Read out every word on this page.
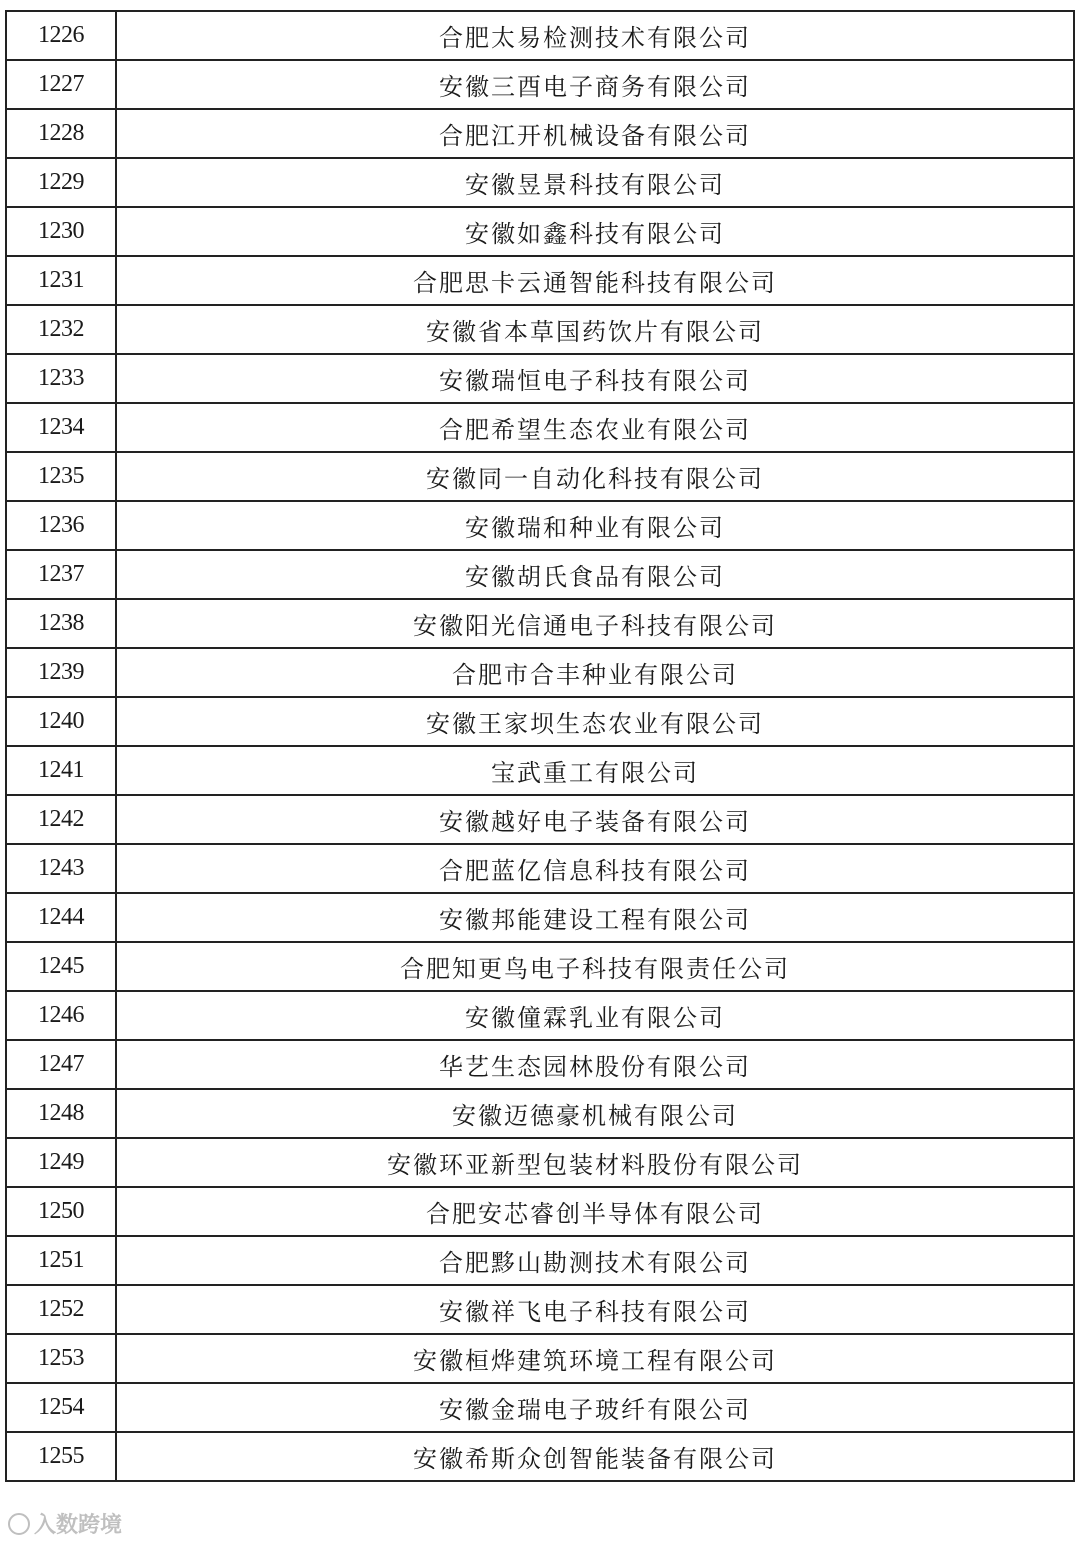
1226	合肥太易检测技术有限公司
1227	安徽三酉电子商务有限公司
1228	合肥江开机械设备有限公司
1229	安徽昱景科技有限公司
1230	安徽如鑫科技有限公司
1231	合肥思卡云通智能科技有限公司
1232	安徽省本草国药饮片有限公司
1233	安徽瑞恒电子科技有限公司
1234	合肥希望生态农业有限公司
1235	安徽同一自动化科技有限公司
1236	安徽瑞和种业有限公司
1237	安徽胡氏食品有限公司
1238	安徽阳光信通电子科技有限公司
1239	合肥市合丰种业有限公司
1240	安徽王家坝生态农业有限公司
1241	宝武重工有限公司
1242	安徽越好电子装备有限公司
1243	合肥蓝亿信息科技有限公司
1244	安徽邦能建设工程有限公司
1245	合肥知更鸟电子科技有限责任公司
1246	安徽僮霖乳业有限公司
1247	华艺生态园林股份有限公司
1248	安徽迈德豪机械有限公司
1249	安徽环亚新型包装材料股份有限公司
1250	合肥安芯睿创半导体有限公司
1251	合肥黟山勘测技术有限公司
1252	安徽祥飞电子科技有限公司
1253	安徽桓烨建筑环境工程有限公司
1254	安徽金瑞电子玻纤有限公司
1255	安徽希斯众创智能装备有限公司
入数跨境
